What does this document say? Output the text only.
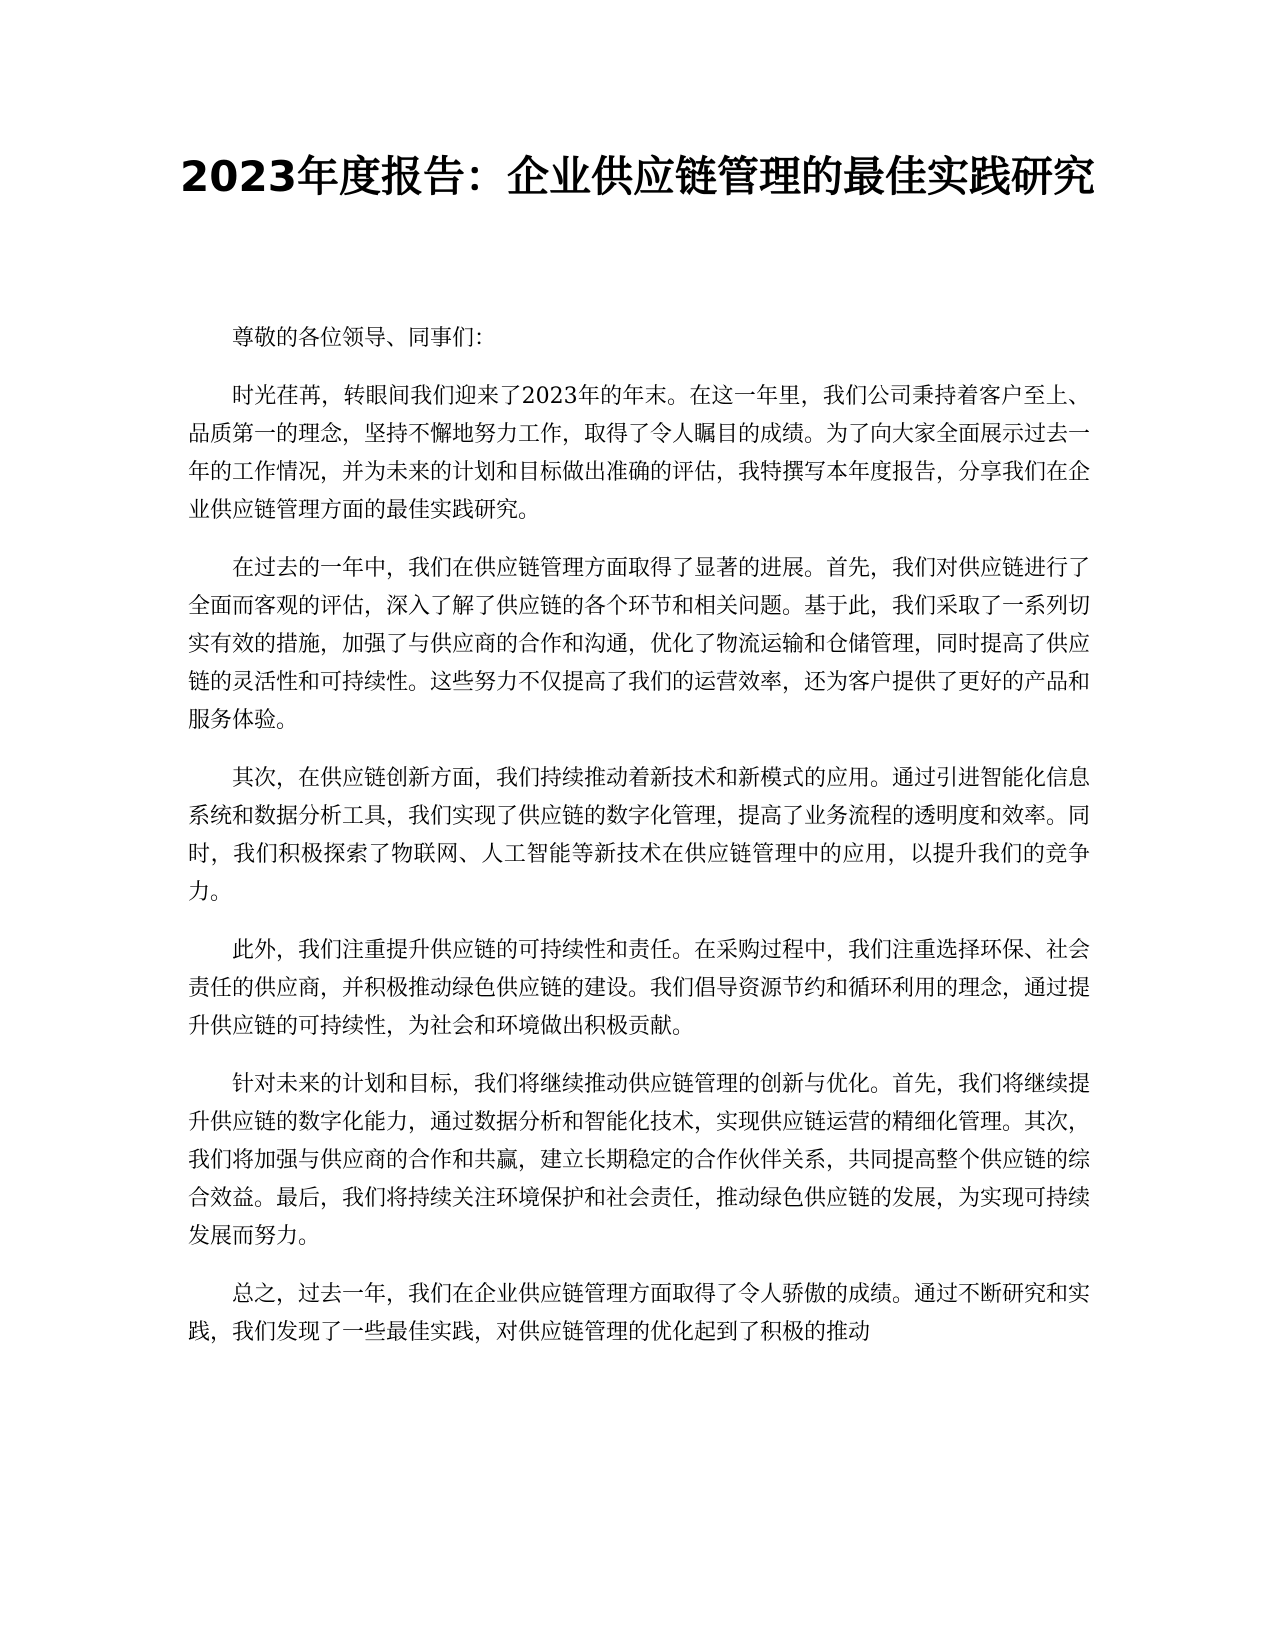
2023年度报告：企业供应链管理的最佳实践研究

尊敬的各位领导、同事们：

时光荏苒，转眼间我们迎来了2023年的年末。在这一年里，我们公司秉持着客户至上、品质第一的理念，坚持不懈地努力工作，取得了令人瞩目的成绩。为了向大家全面展示过去一年的工作情况，并为未来的计划和目标做出准确的评估，我特撰写本年度报告，分享我们在企业供应链管理方面的最佳实践研究。

在过去的一年中，我们在供应链管理方面取得了显著的进展。首先，我们对供应链进行了全面而客观的评估，深入了解了供应链的各个环节和相关问题。基于此，我们采取了一系列切实有效的措施，加强了与供应商的合作和沟通，优化了物流运输和仓储管理，同时提高了供应链的灵活性和可持续性。这些努力不仅提高了我们的运营效率，还为客户提供了更好的产品和服务体验。

其次，在供应链创新方面，我们持续推动着新技术和新模式的应用。通过引进智能化信息系统和数据分析工具，我们实现了供应链的数字化管理，提高了业务流程的透明度和效率。同时，我们积极探索了物联网、人工智能等新技术在供应链管理中的应用，以提升我们的竞争力。

此外，我们注重提升供应链的可持续性和责任。在采购过程中，我们注重选择环保、社会责任的供应商，并积极推动绿色供应链的建设。我们倡导资源节约和循环利用的理念，通过提升供应链的可持续性，为社会和环境做出积极贡献。

针对未来的计划和目标，我们将继续推动供应链管理的创新与优化。首先，我们将继续提升供应链的数字化能力，通过数据分析和智能化技术，实现供应链运营的精细化管理。其次，我们将加强与供应商的合作和共赢，建立长期稳定的合作伙伴关系，共同提高整个供应链的综合效益。最后，我们将持续关注环境保护和社会责任，推动绿色供应链的发展，为实现可持续发展而努力。

总之，过去一年，我们在企业供应链管理方面取得了令人骄傲的成绩。通过不断研究和实践，我们发现了一些最佳实践，对供应链管理的优化起到了积极的推动
